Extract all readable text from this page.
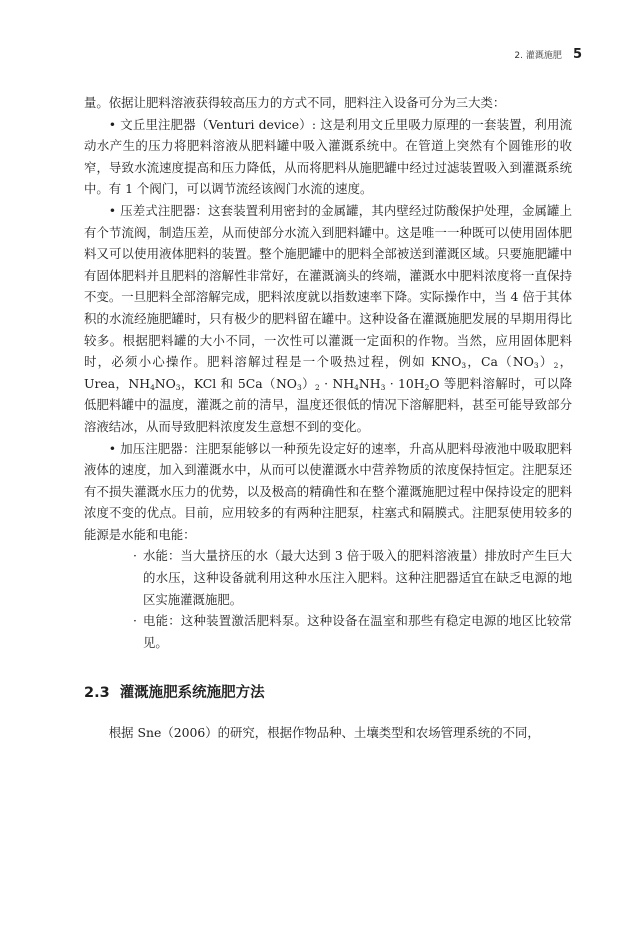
2. 灌溉施肥 5

量。依据让肥料溶液获得较高压力的方式不同，肥料注入设备可分为三大类：

• 文丘里注肥器（Venturi device）: 这是利用文丘里吸力原理的一套装置，利用流动水产生的压力将肥料溶液从肥料罐中吸入灌溉系统中。在管道上突然有个圆锥形的收窄，导致水流速度提高和压力降低，从而将肥料从施肥罐中经过过滤装置吸入到灌溉系统中。有 1 个阀门，可以调节流经该阀门水流的速度。

• 压差式注肥器：这套装置利用密封的金属罐，其内壁经过防酸保护处理，金属罐上有个节流阀，制造压差，从而使部分水流入到肥料罐中。这是唯一一种既可以使用固体肥料又可以使用液体肥料的装置。整个施肥罐中的肥料全部被送到灌溉区域。只要施肥罐中有固体肥料并且肥料的溶解性非常好，在灌溉滴头的终端，灌溉水中肥料浓度将一直保持不变。一旦肥料全部溶解完成，肥料浓度就以指数速率下降。实际操作中，当 4 倍于其体积的水流经施肥罐时，只有极少的肥料留在罐中。这种设备在灌溉施肥发展的早期用得比较多。根据肥料罐的大小不同，一次性可以灌溉一定面积的作物。当然，应用固体肥料时，必须小心操作。肥料溶解过程是一个吸热过程，例如 $KNO_3$，$Ca(NO_3)_2$，Urea，$NH_4NO_3$，KCl 和 $5Ca(NO_3)_2 \cdot NH_4NH_3 \cdot 10H_2O$ 等肥料溶解时，可以降低肥料罐中的温度，灌溉之前的清早，温度还很低的情况下溶解肥料，甚至可能导致部分溶液结冰，从而导致肥料浓度发生意想不到的变化。

• 加压注肥器：注肥泵能够以一种预先设定好的速率，升高从肥料母液池中吸取肥料液体的速度，加入到灌溉水中，从而可以使灌溉水中营养物质的浓度保持恒定。注肥泵还有不损失灌溉水压力的优势，以及极高的精确性和在整个灌溉施肥过程中保持设定的肥料浓度不变的优点。目前，应用较多的有两种注肥泵，柱塞式和隔膜式。注肥泵使用较多的能源是水能和电能：

· 水能：当大量挤压的水（最大达到 3 倍于吸入的肥料溶液量）排放时产生巨大的水压，这种设备就利用这种水压注入肥料。这种注肥器适宜在缺乏电源的地区实施灌溉施肥。
· 电能：这种装置激活肥料泵。这种设备在温室和那些有稳定电源的地区比较常见。
2.3 灌溉施肥系统施肥方法

根据 Sne（2006）的研究，根据作物品种、土壤类型和农场管理系统的不同，
